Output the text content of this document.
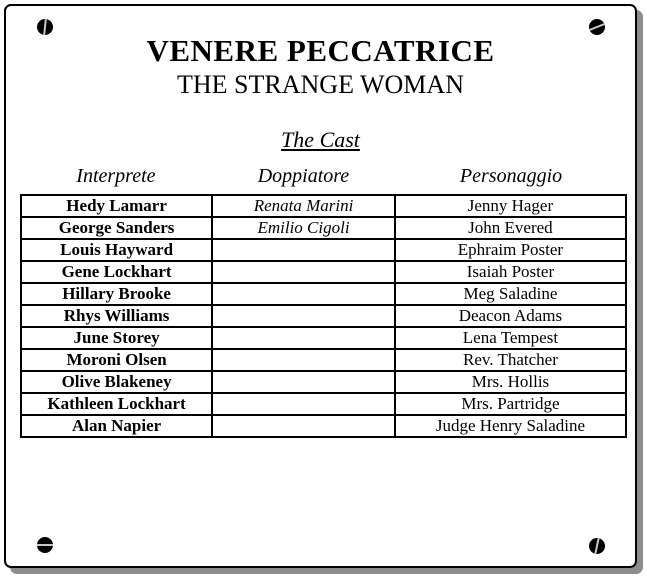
VENERE PECCATRICE
THE STRANGE WOMAN
The Cast
Interprete	Doppiatore	Personaggio
Hedy Lamarr	Renata Marini	Jenny Hager
George Sanders	Emilio Cigoli	John Evered
Louis Hayward		Ephraim Poster
Gene Lockhart		Isaiah Poster
Hillary Brooke		Meg Saladine
Rhys Williams		Deacon Adams
June Storey		Lena Tempest
Moroni Olsen		Rev. Thatcher
Olive Blakeney		Mrs. Hollis
Kathleen Lockhart		Mrs. Partridge
Alan Napier		Judge Henry Saladine
